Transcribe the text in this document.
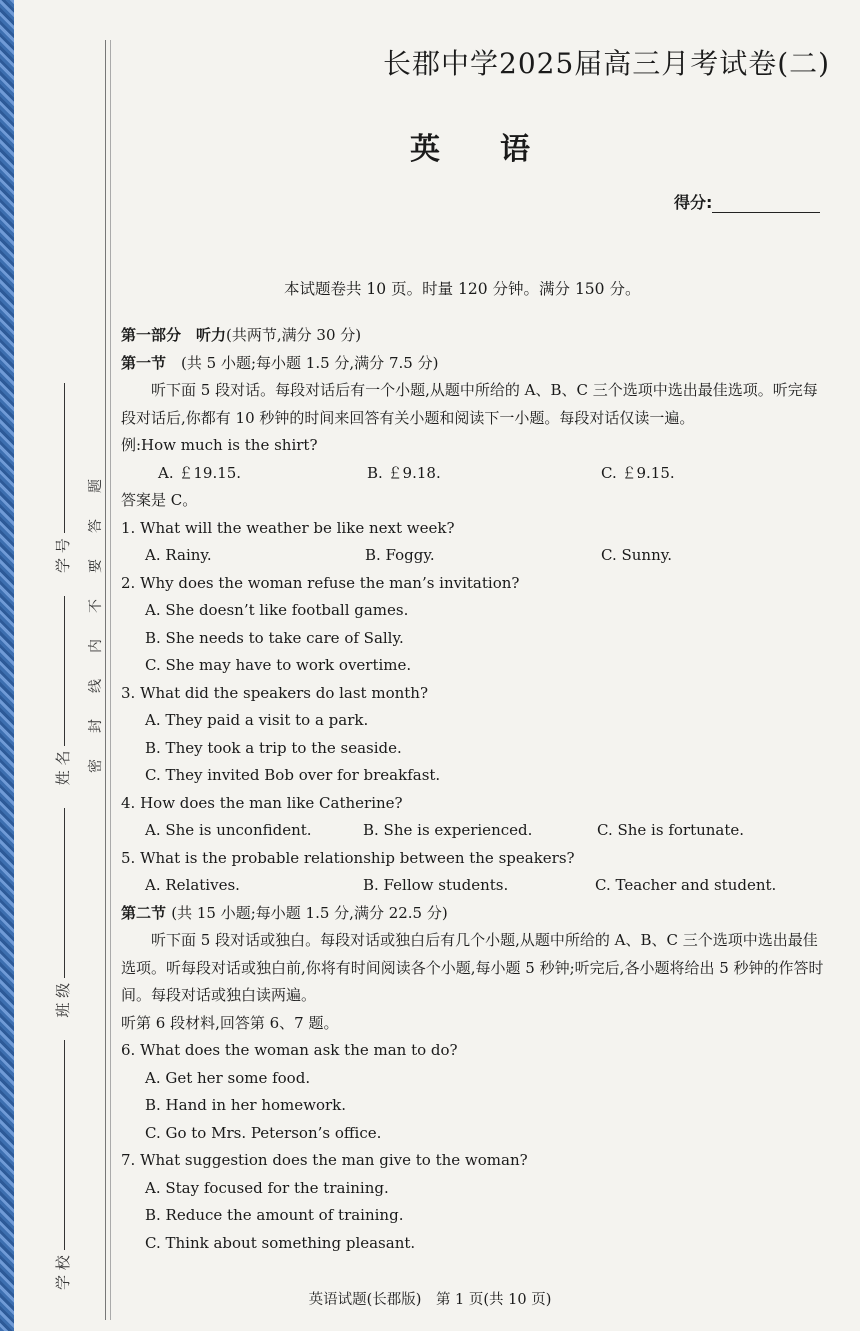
学 校  班 级  姓 名  学 号
题
答
要
不
内
线
封
密
长郡中学2025届高三月考试卷(二)
英语
得分:
本试题卷共 10 页。时量 120 分钟。满分 150 分。
第一部分　听力(共两节,满分 30 分)
第一节　 (共 5 小题;每小题 1.5 分,满分 7.5 分)
听下面 5 段对话。每段对话后有一个小题,从题中所给的 A、B、C 三个选项中选出最佳选项。听完每段对话后,你都有 10 秒钟的时间来回答有关小题和阅读下一小题。每段对话仅读一遍。
例:How much is the shirt?
A. ￡19.15.	B. ￡9.18.	C. ￡9.15.
答案是 C。
1. What will the weather be like next week?
A. Rainy.	B. Foggy.	C. Sunny.
2. Why does the woman refuse the man’s invitation?
A. She doesn’t like football games.
B. She needs to take care of Sally.
C. She may have to work overtime.
3. What did the speakers do last month?
A. They paid a visit to a park.
B. They took a trip to the seaside.
C. They invited Bob over for breakfast.
4. How does the man like Catherine?
A. She is unconfident.	B. She is experienced.	C. She is fortunate.
5. What is the probable relationship between the speakers?
A. Relatives.	B. Fellow students.	C. Teacher and student.
第二节 (共 15 小题;每小题 1.5 分,满分 22.5 分)
听下面 5 段对话或独白。每段对话或独白后有几个小题,从题中所给的 A、B、C 三个选项中选出最佳选项。听每段对话或独白前,你将有时间阅读各个小题,每小题 5 秒钟;听完后,各小题将给出 5 秒钟的作答时间。每段对话或独白读两遍。
听第 6 段材料,回答第 6、7 题。
6. What does the woman ask the man to do?
A. Get her some food.
B. Hand in her homework.
C. Go to Mrs. Peterson’s office.
7. What suggestion does the man give to the woman?
A. Stay focused for the training.
B. Reduce the amount of training.
C. Think about something pleasant.
英语试题(长郡版)　第 1 页(共 10 页)
